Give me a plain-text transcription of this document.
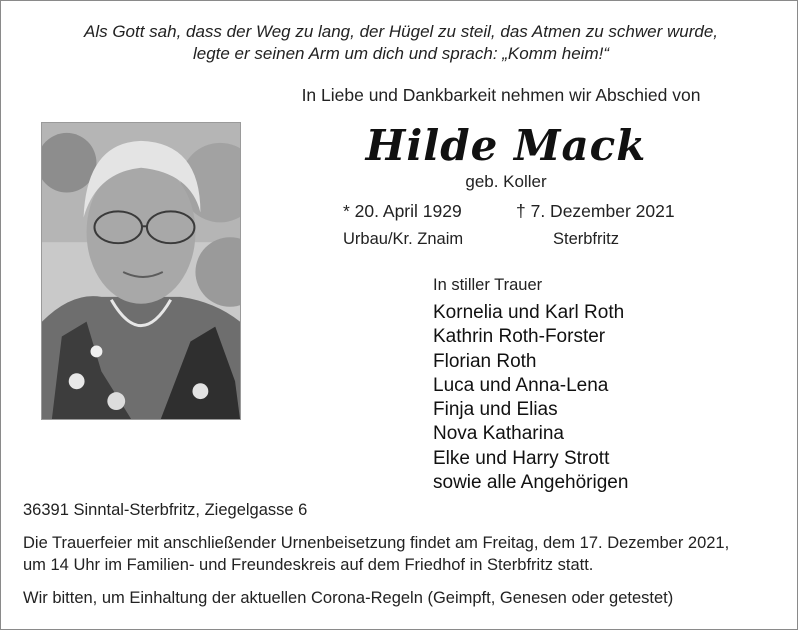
Als Gott sah, dass der Weg zu lang, der Hügel zu steil, das Atmen zu schwer wurde,
legte er seinen Arm um dich und sprach: „Komm heim!“
In Liebe und Dankbarkeit nehmen wir Abschied von
Hilde Mack
geb. Koller
* 20. April 1929	† 7. Dezember 2021
Urbau/Kr. Znaim	Sterbfritz
In stiller Trauer
Kornelia und Karl Roth
Kathrin Roth-Forster
Florian Roth
Luca und Anna-Lena
Finja und Elias
Nova Katharina
Elke und Harry Strott
sowie alle Angehörigen
36391 Sinntal-Sterbfritz, Ziegelgasse 6
Die Trauerfeier mit anschließender Urnenbeisetzung findet am Freitag, dem 17. Dezember 2021,
um 14 Uhr im Familien- und Freundeskreis auf dem Friedhof in Sterbfritz statt.
Wir bitten, um Einhaltung der aktuellen Corona-Regeln (Geimpft, Genesen oder getestet)
